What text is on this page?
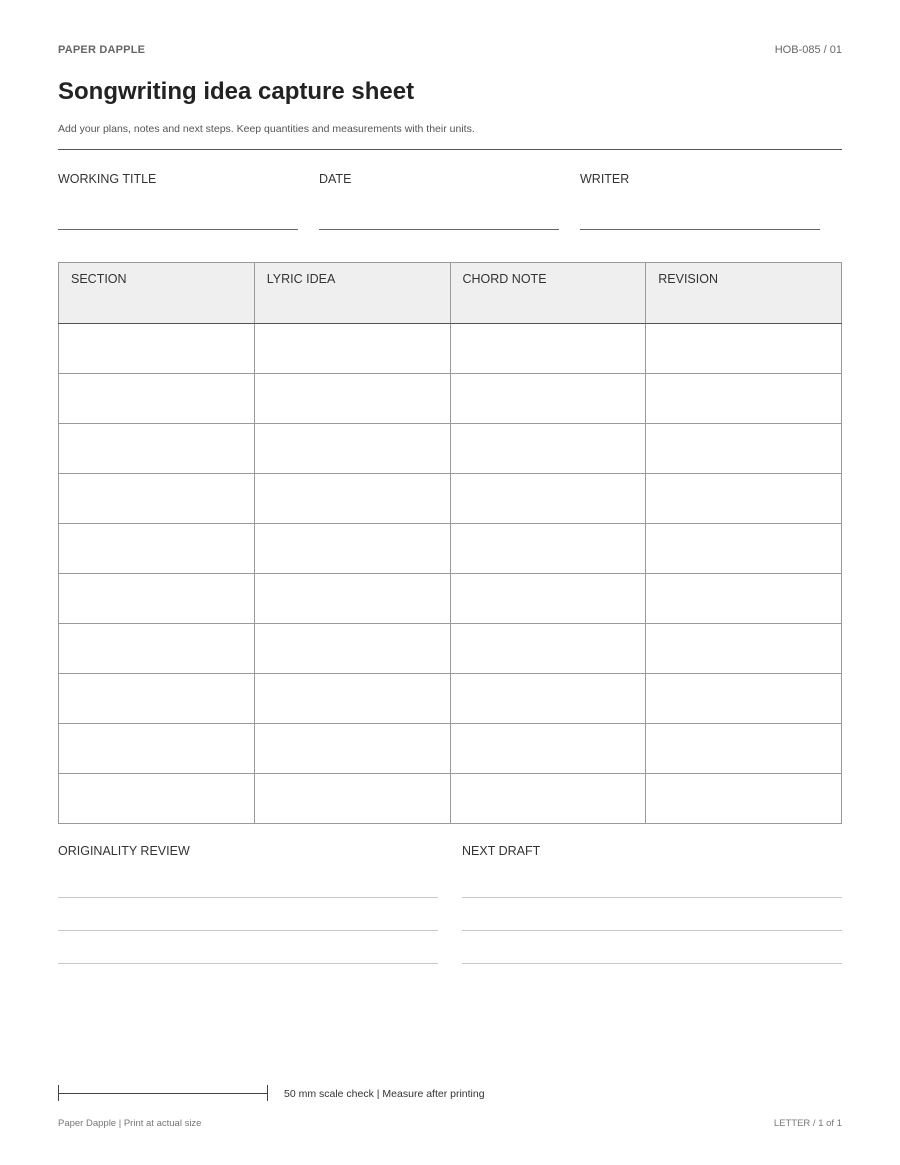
PAPER DAPPLE	HOB-085 / 01
Songwriting idea capture sheet
Add your plans, notes and next steps. Keep quantities and measurements with their units.
WORKING TITLE	DATE	WRITER
SECTION	LYRIC IDEA	CHORD NOTE	REVISION

ORIGINALITY REVIEW	NEXT DRAFT
50 mm scale check | Measure after printing
Paper Dapple | Print at actual size	LETTER / 1 of 1
